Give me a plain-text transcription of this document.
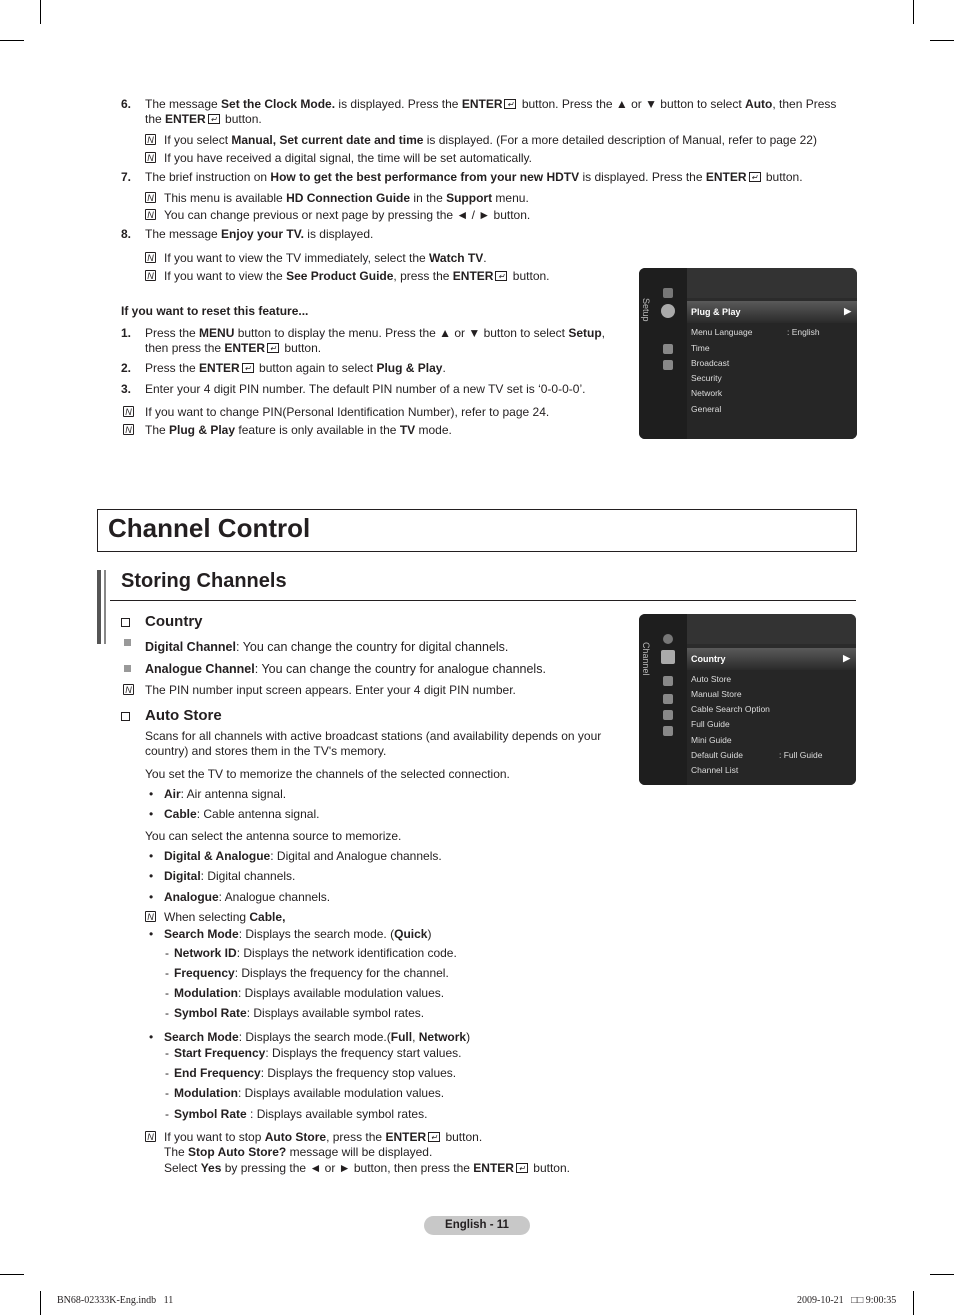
6. The message Set the Clock Mode. is displayed. Press the ENTER ↵ button. Press the ▲ or ▼ button to select Auto, then Press
the ENTER ↵ button.
N If you select Manual, Set current date and time is displayed. (For a more detailed description of Manual, refer to page 22)
N If you have received a digital signal, the time will be set automatically.
7. The brief instruction on How to get the best performance from your new HDTV is displayed. Press the ENTER ↵ button.
N This menu is available HD Connection Guide in the Support menu.
N You can change previous or next page by pressing the ◄ / ► button.
8. The message Enjoy your TV. is displayed.
N If you want to view the TV immediately, select the Watch TV.
N If you want to view the See Product Guide, press the ENTER ↵ button.
If you want to reset this feature...
1. Press the MENU button to display the menu. Press the ▲ or ▼ button to select Setup,
then press the ENTER ↵ button.
2. Press the ENTER ↵ button again to select Plug & Play.
3. Enter your 4 digit PIN number. The default PIN number of a new TV set is ‘0-0-0-0’.
N If you want to change PIN(Personal Identification Number), refer to page 24.
N The Plug & Play feature is only available in the TV mode.
Setup	Plug & Play	▶
Menu Language	: English
Time
Broadcast
Security
Network
General
Channel Control
Storing Channels
Country
Digital Channel: You can change the country for digital channels.
Analogue Channel: You can change the country for analogue channels.
N The PIN number input screen appears. Enter your 4 digit PIN number.
Channel	Country	▶
Auto Store
Manual Store
Cable Search Option
Full Guide
Mini Guide
Default Guide	: Full Guide
Channel List
Auto Store
Scans for all channels with active broadcast stations (and availability depends on your
country) and stores them in the TV's memory.
You set the TV to memorize the channels of the selected connection.
• Air: Air antenna signal.
• Cable: Cable antenna signal.
You can select the antenna source to memorize.
• Digital & Analogue: Digital and Analogue channels.
• Digital: Digital channels.
• Analogue: Analogue channels.
N When selecting Cable,
• Search Mode: Displays the search mode. (Quick)
- Network ID: Displays the network identification code.
- Frequency: Displays the frequency for the channel.
- Modulation: Displays available modulation values.
- Symbol Rate: Displays available symbol rates.
• Search Mode: Displays the search mode.(Full, Network)
- Start Frequency: Displays the frequency start values.
- End Frequency: Displays the frequency stop values.
- Modulation: Displays available modulation values.
- Symbol Rate : Displays available symbol rates.
N If you want to stop Auto Store, press the ENTER ↵ button.
The Stop Auto Store? message will be displayed.
Select Yes by pressing the ◄ or ► button, then press the ENTER ↵ button.
English - 11
BN68-02333K-Eng.indb   11	2009-10-21   □□ 9:00:35
